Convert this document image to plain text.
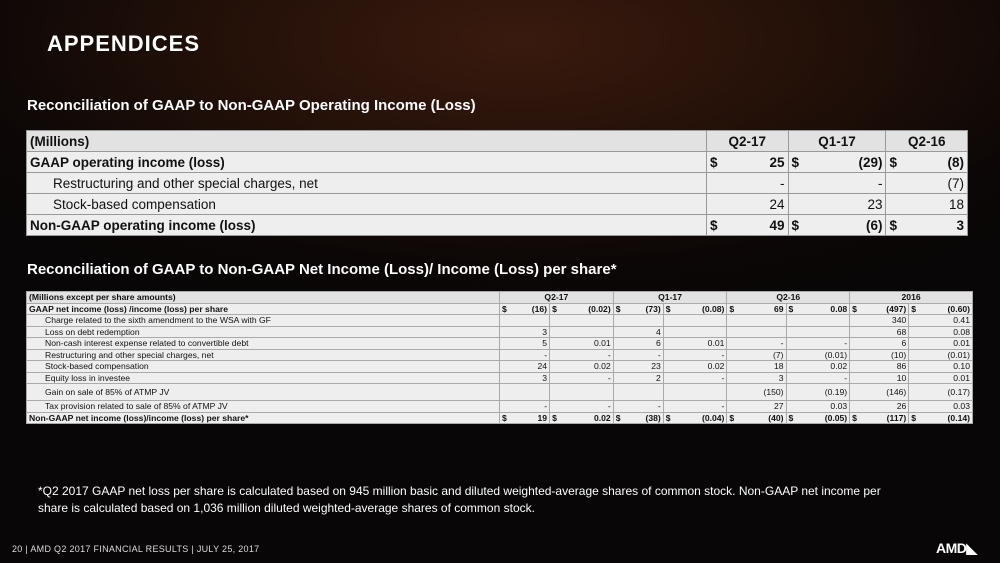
APPENDICES
Reconciliation of GAAP to Non-GAAP Operating Income (Loss)
(Millions)	Q2-17		Q1-17		Q2-16	
GAAP operating income (loss)	$	25	$	(29)	$	(8)
Restructuring and other special charges, net		-		-		(7)
Stock-based compensation		24		23		18
Non-GAAP operating income (loss)	$	49	$	(6)	$	3
Reconciliation of GAAP to Non-GAAP Net Income (Loss)/ Income (Loss) per share*
(Millions except per share amounts)	Q2-17				Q1-17				Q2-16				2016			
GAAP net income (loss) /income (loss) per share	$	(16)	$	(0.02)	$	(73)	$	(0.08)	$	69	$	0.08	$	(497)	$	(0.60)
Charge related to the sixth amendment to the WSA with GF														340		0.41
Loss on debt redemption		3				4								68		0.08
Non-cash interest expense related to convertible debt		5		0.01		6		0.01		-		-		6		0.01
Restructuring and other special charges, net		-		-		-		-		(7)		(0.01)		(10)		(0.01)
Stock-based compensation		24		0.02		23		0.02		18		0.02		86		0.10
Equity loss in investee		3		-		2		-		3		-		10		0.01
Gain on sale of 85% of ATMP JV										(150)		(0.19)		(146)		(0.17)
Tax provision related to sale of 85% of ATMP JV		-		-		-		-		27		0.03		26		0.03
Non-GAAP net income (loss)/income (loss) per share*	$	19	$	0.02	$	(38)	$	(0.04)	$	(40)	$	(0.05)	$	(117)	$	(0.14)
*Q2 2017 GAAP net loss per share is calculated based on 945 million basic and diluted weighted-average shares of common stock. Non-GAAP net income per share is calculated based on 1,036 million diluted weighted-average shares of common stock.
20 | AMD Q2 2017 FINANCIAL RESULTS | JULY 25, 2017	AMD◣
